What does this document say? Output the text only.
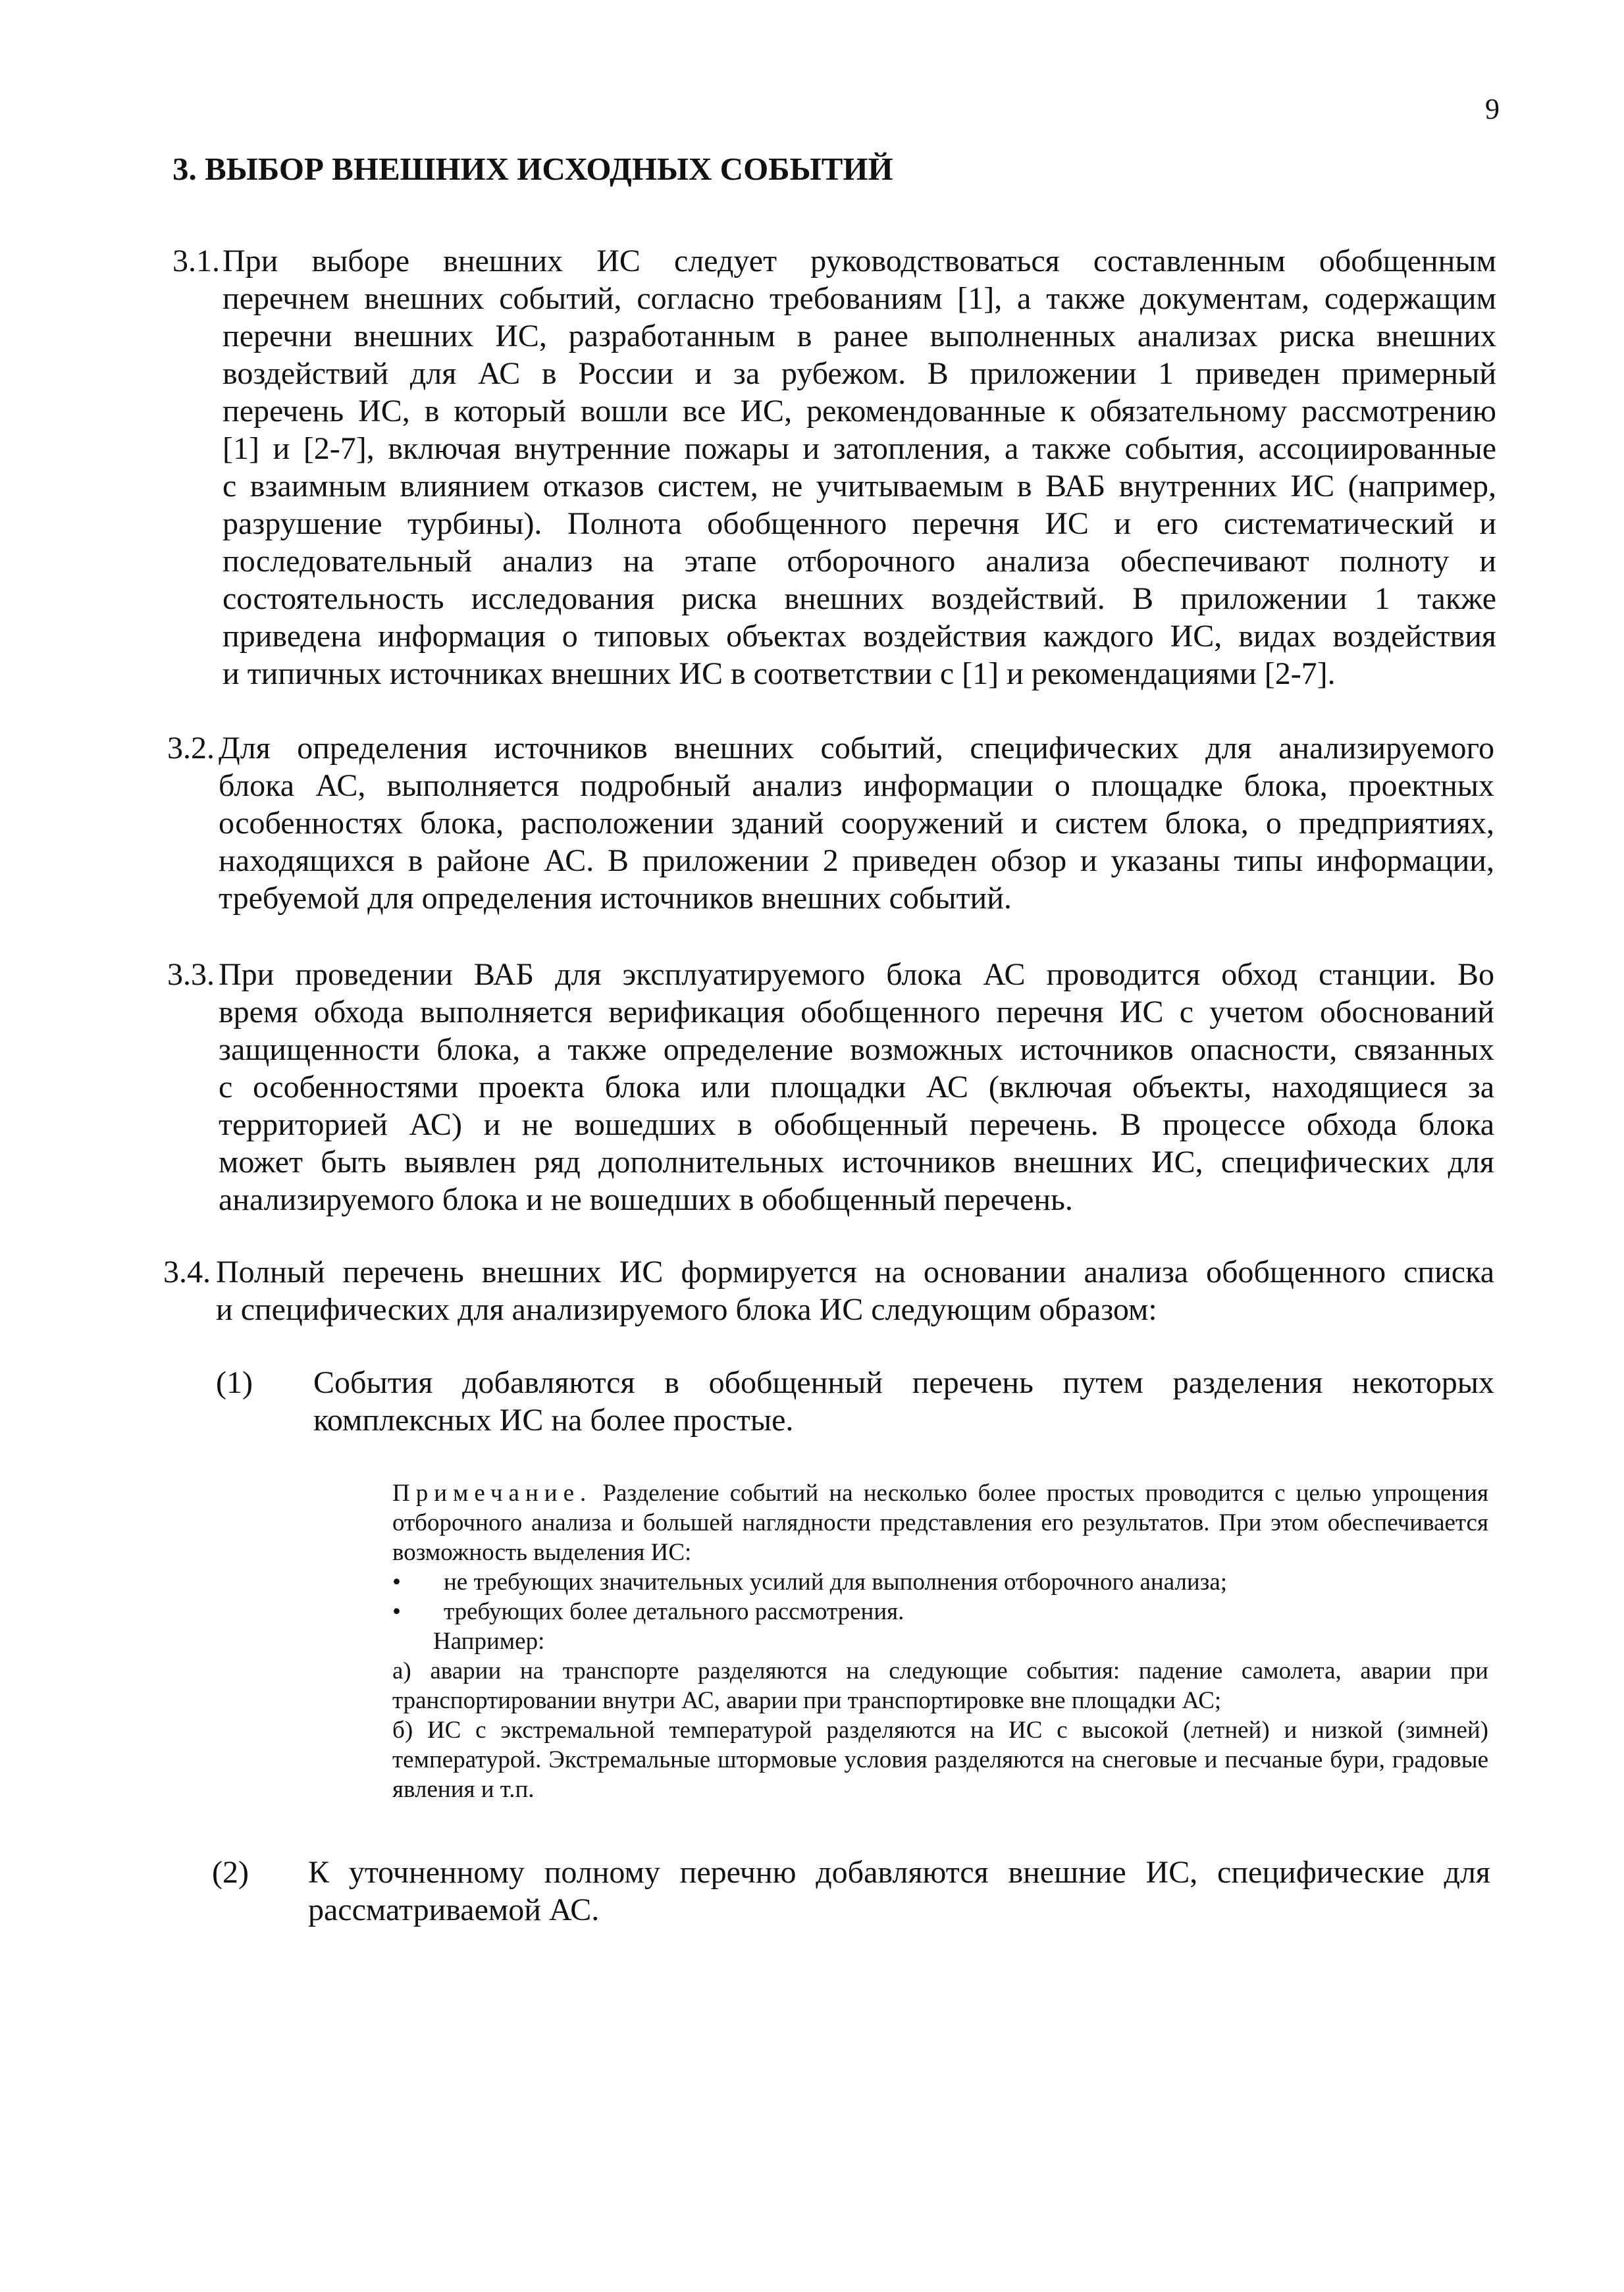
9
3. ВЫБОР ВНЕШНИХ ИСХОДНЫХ СОБЫТИЙ
3.1. При выборе внешних ИС следует руководствоваться составленным обобщенным
перечнем внешних событий, согласно требованиям [1], а также документам, содержащим
перечни внешних ИС, разработанным в ранее выполненных анализах риска внешних
воздействий для АС в России и за рубежом. В приложении 1 приведен примерный
перечень ИС, в который вошли все ИС, рекомендованные к обязательному рассмотрению
[1] и [2-7], включая внутренние пожары и затопления, а также события, ассоциированные
с взаимным влиянием отказов систем, не учитываемым в ВАБ внутренних ИС (например,
разрушение турбины). Полнота обобщенного перечня ИС и его систематический и
последовательный анализ на этапе отборочного анализа обеспечивают полноту и
состоятельность исследования риска внешних воздействий. В приложении 1 также
приведена информация о типовых объектах воздействия каждого ИС, видах воздействия
и типичных источниках внешних ИС в соответствии с [1] и рекомендациями [2-7].
3.2. Для определения источников внешних событий, специфических для анализируемого
блока АС, выполняется подробный анализ информации о площадке блока, проектных
особенностях блока, расположении зданий сооружений и систем блока, о предприятиях,
находящихся в районе АС. В приложении 2 приведен обзор и указаны типы информации,
требуемой для определения источников внешних событий.
3.3. При проведении ВАБ для эксплуатируемого блока АС проводится обход станции. Во
время обхода выполняется верификация обобщенного перечня ИС с учетом обоснований
защищенности блока, а также определение возможных источников опасности, связанных
с особенностями проекта блока или площадки АС (включая объекты, находящиеся за
территорией АС) и не вошедших в обобщенный перечень. В процессе обхода блока
может быть выявлен ряд дополнительных источников внешних ИС, специфических для
анализируемого блока и не вошедших в обобщенный перечень.
3.4. Полный перечень внешних ИС формируется на основании анализа обобщенного списка
и специфических для анализируемого блока ИС следующим образом:
(1) События добавляются в обобщенный перечень путем разделения некоторых
комплексных ИС на более простые.

Примечание. Разделение событий на несколько более простых проводится с целью упрощения отборочного анализа и большей наглядности представления его результатов. При этом обеспечивается возможность выделения ИС:

• не требующих значительных усилий для выполнения отборочного анализа;
• требующих более детального рассмотрения.
Например:

а) аварии на транспорте разделяются на следующие события: падение самолета, аварии при транспортировании внутри АС, аварии при транспортировке вне площадки АС;

б) ИС с экстремальной температурой разделяются на ИС с высокой (летней) и низкой (зимней) температурой. Экстремальные штормовые условия разделяются на снеговые и песчаные бури, градовые явления и т.п.

(2) К уточненному полному перечню добавляются внешние ИС, специфические для
рассматриваемой АС.
